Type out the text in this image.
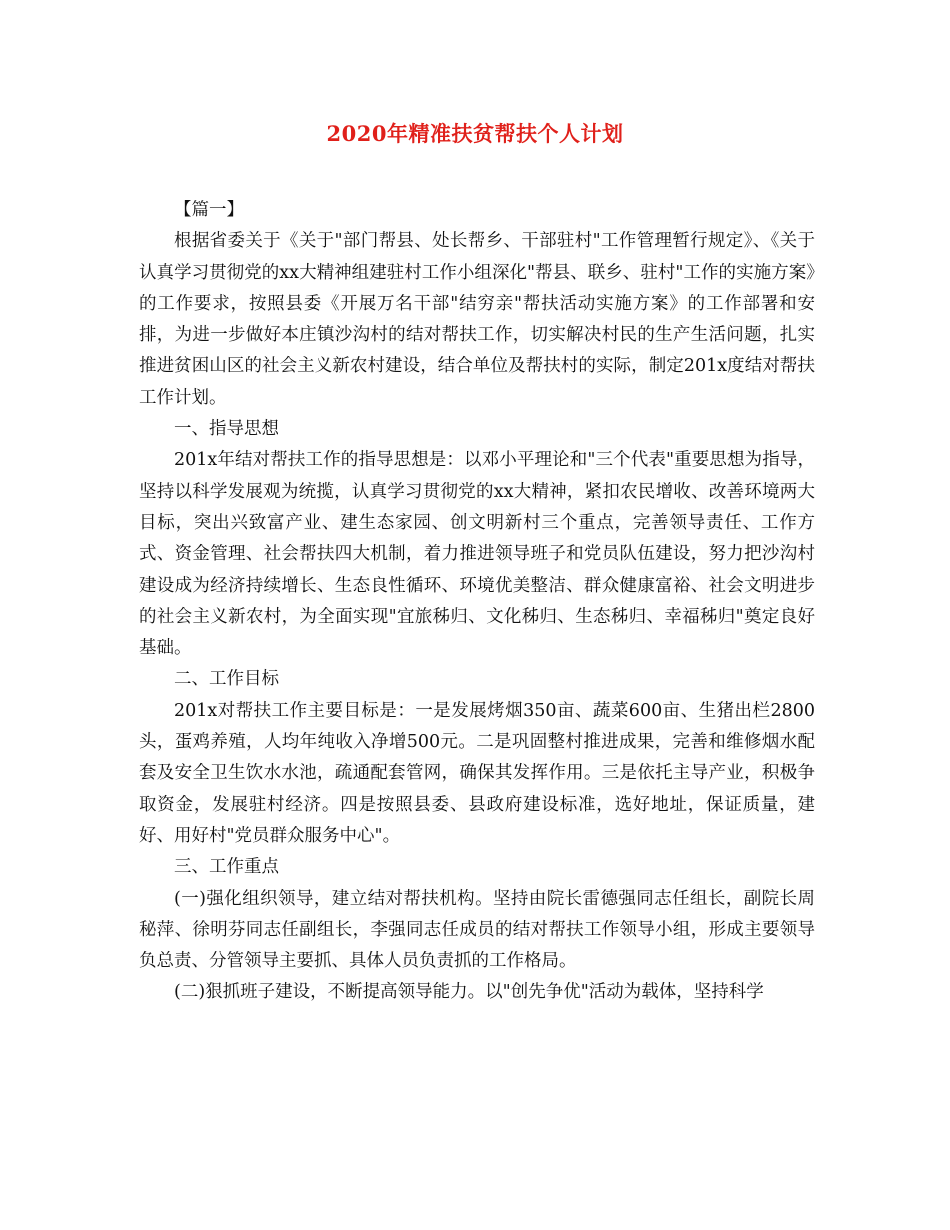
2020年精准扶贫帮扶个人计划

【篇一】

根据省委关于《关于"部门帮县、处长帮乡、干部驻村"工作管理暂行规定》、《关于认真学习贯彻党的xx大精神组建驻村工作小组深化"帮县、联乡、驻村"工作的实施方案》的工作要求，按照县委《开展万名干部"结穷亲"帮扶活动实施方案》的工作部署和安排，为进一步做好本庄镇沙沟村的结对帮扶工作，切实解决村民的生产生活问题，扎实推进贫困山区的社会主义新农村建设，结合单位及帮扶村的实际，制定201x度结对帮扶工作计划。

一、指导思想

201x年结对帮扶工作的指导思想是：以邓小平理论和"三个代表"重要思想为指导，坚持以科学发展观为统揽，认真学习贯彻党的xx大精神，紧扣农民增收、改善环境两大目标，突出兴致富产业、建生态家园、创文明新村三个重点，完善领导责任、工作方式、资金管理、社会帮扶四大机制，着力推进领导班子和党员队伍建设，努力把沙沟村建设成为经济持续增长、生态良性循环、环境优美整洁、群众健康富裕、社会文明进步的社会主义新农村，为全面实现"宜旅秭归、文化秭归、生态秭归、幸福秭归"奠定良好基础。

二、工作目标

201x对帮扶工作主要目标是：一是发展烤烟350亩、蔬菜600亩、生猪出栏2800头，蛋鸡养殖，人均年纯收入净增500元。二是巩固整村推进成果，完善和维修烟水配套及安全卫生饮水水池，疏通配套管网，确保其发挥作用。三是依托主导产业，积极争取资金，发展驻村经济。四是按照县委、县政府建设标准，选好地址，保证质量，建好、用好村"党员群众服务中心"。

三、工作重点

(一)强化组织领导，建立结对帮扶机构。坚持由院长雷德强同志任组长，副院长周秘萍、徐明芬同志任副组长，李强同志任成员的结对帮扶工作领导小组，形成主要领导负总责、分管领导主要抓、具体人员负责抓的工作格局。

(二)狠抓班子建设，不断提高领导能力。以"创先争优"活动为载体，坚持科学
